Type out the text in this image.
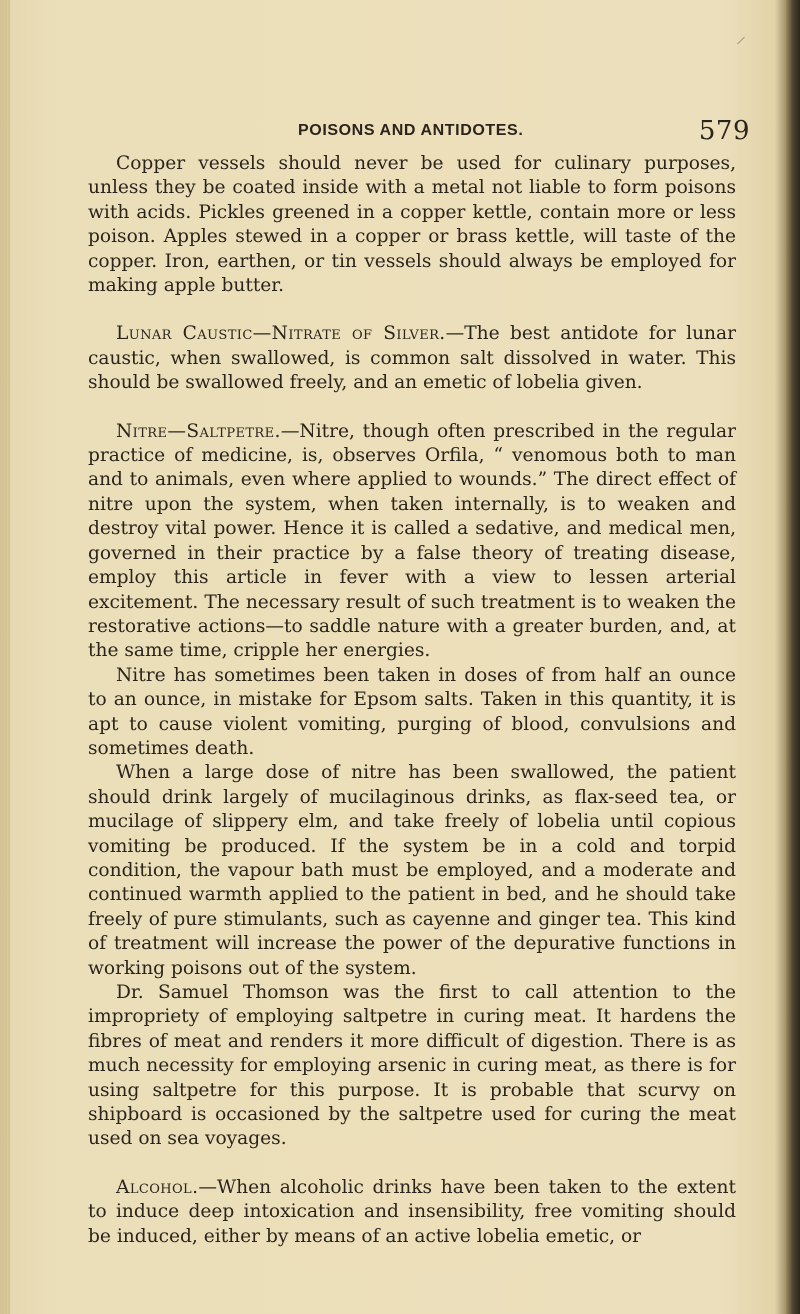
POISONS AND ANTIDOTES.	579

Copper vessels should never be used for culinary purposes, unless they be coated inside with a metal not liable to form poisons with acids. Pickles greened in a copper kettle, contain more or less poison. Apples stewed in a copper or brass kettle, will taste of the copper. Iron, earthen, or tin vessels should always be employed for making apple butter.

Lunar Caustic—Nitrate of Silver.—The best antidote for lunar caustic, when swallowed, is common salt dissolved in water. This should be swallowed freely, and an emetic of lobelia given.

Nitre—Saltpetre.—Nitre, though often prescribed in the regular practice of medicine, is, observes Orfila, “ venomous both to man and to animals, even where applied to wounds.” The direct effect of nitre upon the system, when taken internally, is to weaken and destroy vital power. Hence it is called a sedative, and medical men, governed in their practice by a false theory of treating disease, employ this article in fever with a view to lessen arterial excitement. The necessary result of such treatment is to weaken the restorative actions—to saddle nature with a greater burden, and, at the same time, cripple her energies.

Nitre has sometimes been taken in doses of from half an ounce to an ounce, in mistake for Epsom salts. Taken in this quantity, it is apt to cause violent vomiting, purging of blood, convulsions and sometimes death.

When a large dose of nitre has been swallowed, the patient should drink largely of mucilaginous drinks, as flax-seed tea, or mucilage of slippery elm, and take freely of lobelia until copious vomiting be produced. If the system be in a cold and torpid condition, the vapour bath must be employed, and a moderate and continued warmth applied to the patient in bed, and he should take freely of pure stimulants, such as cayenne and ginger tea. This kind of treatment will increase the power of the depurative functions in working poisons out of the system.

Dr. Samuel Thomson was the first to call attention to the impropriety of employing saltpetre in curing meat. It hardens the fibres of meat and renders it more difficult of digestion. There is as much necessity for employing arsenic in curing meat, as there is for using saltpetre for this purpose. It is probable that scurvy on shipboard is occasioned by the saltpetre used for curing the meat used on sea voyages.

Alcohol.—When alcoholic drinks have been taken to the extent to induce deep intoxication and insensibility, free vomiting should be induced, either by means of an active lobelia emetic, or
